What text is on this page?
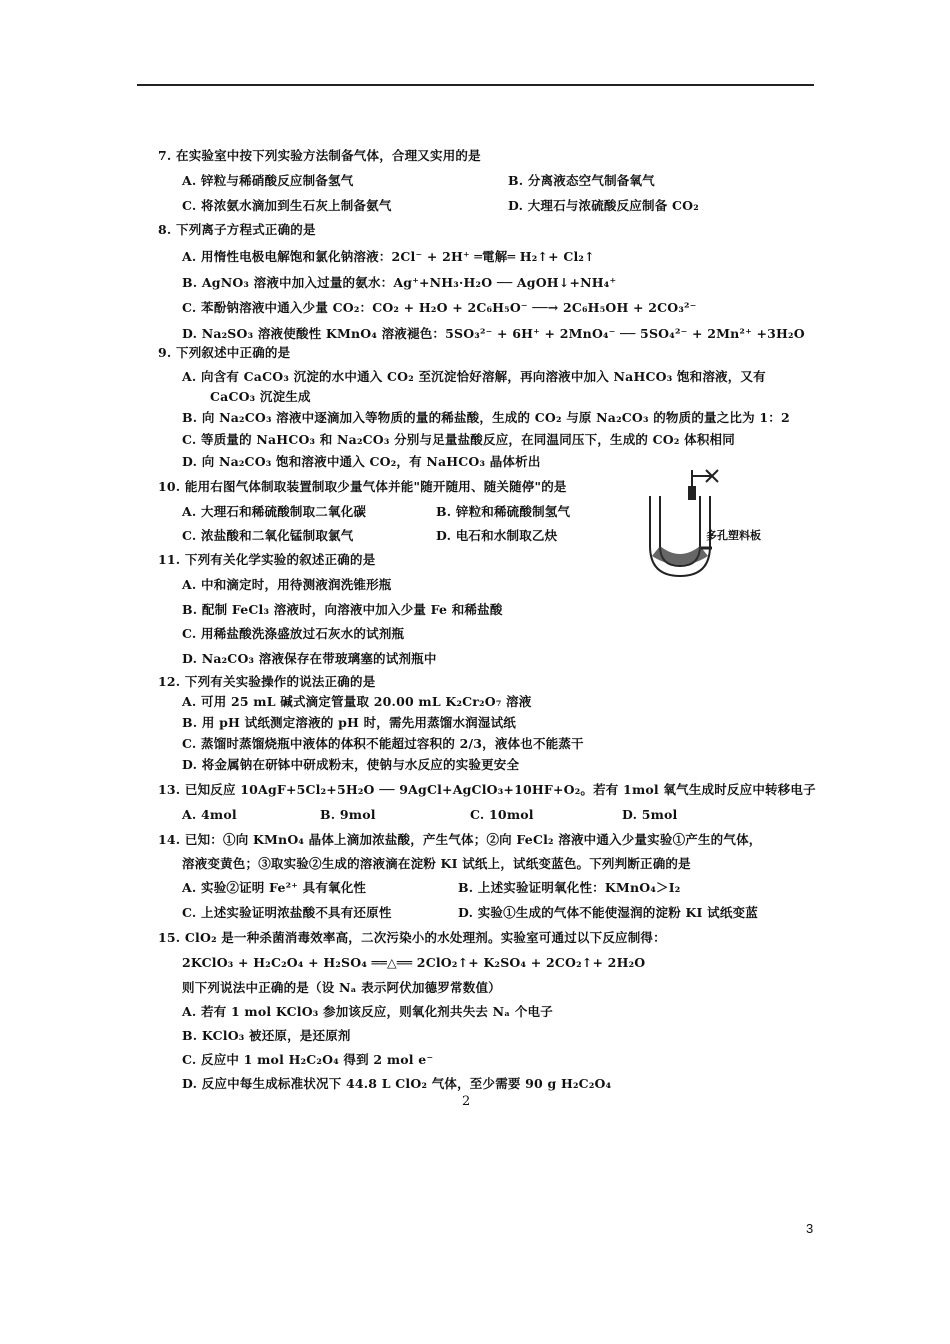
7. 在实验室中按下列实验方法制备气体，合理又实用的是
A. 锌粒与稀硝酸反应制备氢气	B. 分离液态空气制备氧气
C. 将浓氨水滴加到生石灰上制备氨气	D. 大理石与浓硫酸反应制备 CO₂
8. 下列离子方程式正确的是
A. 用惰性电极电解饱和氯化钠溶液：2Cl⁻ + 2H⁺ ═電解═ H₂↑+ Cl₂↑
B. AgNO₃ 溶液中加入过量的氨水：Ag⁺+NH₃·H₂O ── AgOH↓+NH₄⁺
C. 苯酚钠溶液中通入少量 CO₂：CO₂ + H₂O + 2C₆H₅O⁻ ──→ 2C₆H₅OH + 2CO₃²⁻
D. Na₂SO₃ 溶液使酸性 KMnO₄ 溶液褪色：5SO₃²⁻ + 6H⁺ + 2MnO₄⁻ ── 5SO₄²⁻ + 2Mn²⁺ +3H₂O
9. 下列叙述中正确的是
A. 向含有 CaCO₃ 沉淀的水中通入 CO₂ 至沉淀恰好溶解，再向溶液中加入 NaHCO₃ 饱和溶液，又有
CaCO₃ 沉淀生成
B. 向 Na₂CO₃ 溶液中逐滴加入等物质的量的稀盐酸，生成的 CO₂ 与原 Na₂CO₃ 的物质的量之比为 1：2
C. 等质量的 NaHCO₃ 和 Na₂CO₃ 分别与足量盐酸反应，在同温同压下，生成的 CO₂ 体积相同
D. 向 Na₂CO₃ 饱和溶液中通入 CO₂，有 NaHCO₃ 晶体析出
10. 能用右图气体制取装置制取少量气体并能"随开随用、随关随停"的是
A. 大理石和稀硫酸制取二氧化碳	B. 锌粒和稀硫酸制氢气
C. 浓盐酸和二氧化锰制取氯气	D. 电石和水制取乙炔
11. 下列有关化学实验的叙述正确的是
A. 中和滴定时，用待测液润洗锥形瓶
B. 配制 FeCl₃ 溶液时，向溶液中加入少量 Fe 和稀盐酸
C. 用稀盐酸洗涤盛放过石灰水的试剂瓶
D. Na₂CO₃ 溶液保存在带玻璃塞的试剂瓶中
12. 下列有关实验操作的说法正确的是
A. 可用 25 mL 碱式滴定管量取 20.00 mL K₂Cr₂O₇ 溶液
B. 用 pH 试纸测定溶液的 pH 时，需先用蒸馏水润湿试纸
C. 蒸馏时蒸馏烧瓶中液体的体积不能超过容积的 2/3，液体也不能蒸干
D. 将金属钠在研钵中研成粉末，使钠与水反应的实验更安全
13. 已知反应 10AgF+5Cl₂+5H₂O ── 9AgCl+AgClO₃+10HF+O₂。若有 1mol 氧气生成时反应中转移电子
A. 4mol	B. 9mol	C. 10mol	D. 5mol
14. 已知：①向 KMnO₄ 晶体上滴加浓盐酸，产生气体；②向 FeCl₂ 溶液中通入少量实验①产生的气体，
溶液变黄色；③取实验②生成的溶液滴在淀粉 KI 试纸上，试纸变蓝色。下列判断正确的是
A. 实验②证明 Fe²⁺ 具有氧化性	B. 上述实验证明氧化性：KMnO₄＞I₂
C. 上述实验证明浓盐酸不具有还原性	D. 实验①生成的气体不能使湿润的淀粉 KI 试纸变蓝
15. ClO₂ 是一种杀菌消毒效率高，二次污染小的水处理剂。实验室可通过以下反应制得：
2KClO₃ + H₂C₂O₄ + H₂SO₄ ══△══ 2ClO₂↑+ K₂SO₄ + 2CO₂↑+ 2H₂O
则下列说法中正确的是（设 Nₐ 表示阿伏加德罗常数值）
A. 若有 1 mol KClO₃ 参加该反应，则氧化剂共失去 Nₐ 个电子
B. KClO₃ 被还原，是还原剂
C. 反应中 1 mol H₂C₂O₄ 得到 2 mol e⁻
D. 反应中每生成标准状况下 44.8 L ClO₂ 气体，至少需要 90 g H₂C₂O₄
多孔塑料板
2
3
